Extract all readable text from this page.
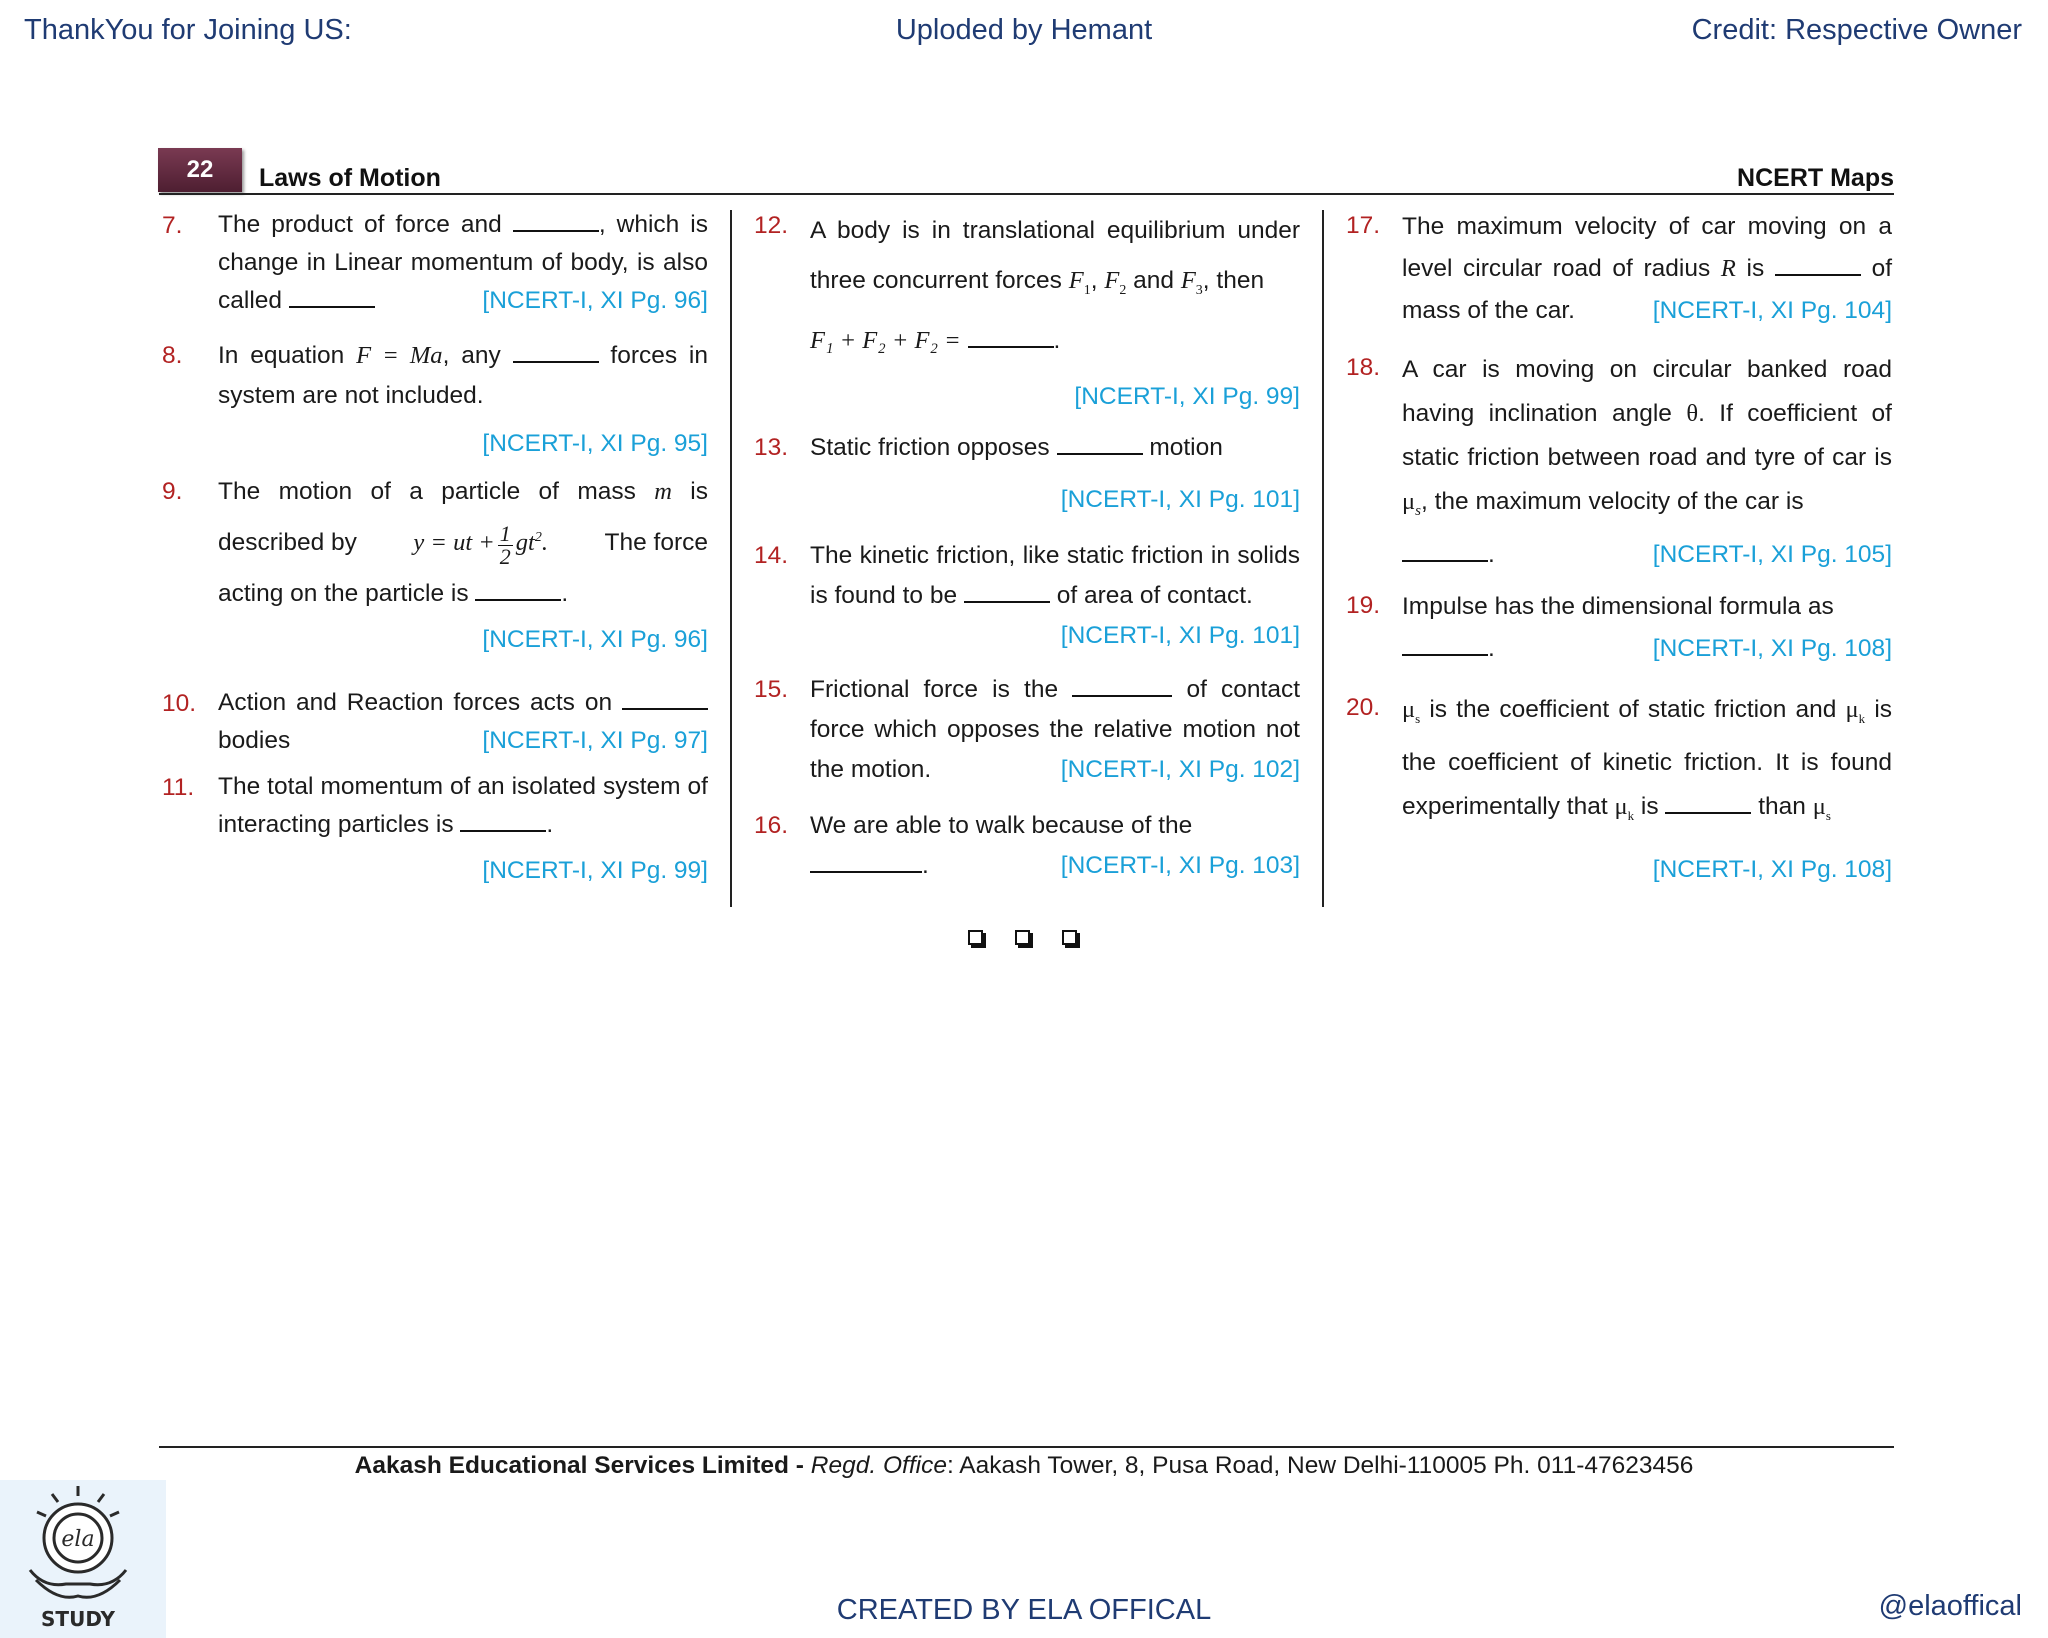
ThankYou for Joining US:	Uploded by Hemant	Credit: Respective Owner
22	Laws of Motion	NCERT Maps
7. The product of force and	, which is change in Linear momentum of body, is also called	[NCERT-I, XI Pg. 96]
8. In equation F = Ma, any	forces in system are not included.
[NCERT-I, XI Pg. 95]
9. The motion of a particle of mass m is
described by y = ut + $\frac{1}{2} gt^2$. The force
acting on the particle is	.
[NCERT-I, XI Pg. 96]
10. Action and Reaction forces acts on  bodies	[NCERT-I, XI Pg. 97]
11. The total momentum of an isolated system of interacting particles is	.
[NCERT-I, XI Pg. 99]
12. A body is in translational equilibrium under three concurrent forces $F_1$, $F_2$ and $F_3$, then
F₁ + F₂ + F₂ =	.
[NCERT-I, XI Pg. 99]
13. Static friction opposes	motion
[NCERT-I, XI Pg. 101]
14. The kinetic friction, like static friction in solids is found to be	of area of contact.
[NCERT-I, XI Pg. 101]
15. Frictional force is the	of contact force which opposes the relative motion not the motion.	[NCERT-I, XI Pg. 102]
16. We are able to walk because of the
.	[NCERT-I, XI Pg. 103]
17. The maximum velocity of car moving on a level circular road of radius R is	of mass of the car.	[NCERT-I, XI Pg. 104]
18. A car is moving on circular banked road having inclination angle θ. If coefficient of static friction between road and tyre of car is $\mu_s$, the maximum velocity of the car is
.	[NCERT-I, XI Pg. 105]
19. Impulse has the dimensional formula as
.	[NCERT-I, XI Pg. 108]
20. $\mu_s$ is the coefficient of static friction and $\mu_k$ is the coefficient of kinetic friction. It is found experimentally that $\mu_k$ is	than $\mu_s$
[NCERT-I, XI Pg. 108]
Aakash Educational Services Limited - Regd. Office: Aakash Tower, 8, Pusa Road, New Delhi-110005 Ph. 011-47623456
ela
STUDY	CREATED BY ELA OFFICAL	@elaoffical
